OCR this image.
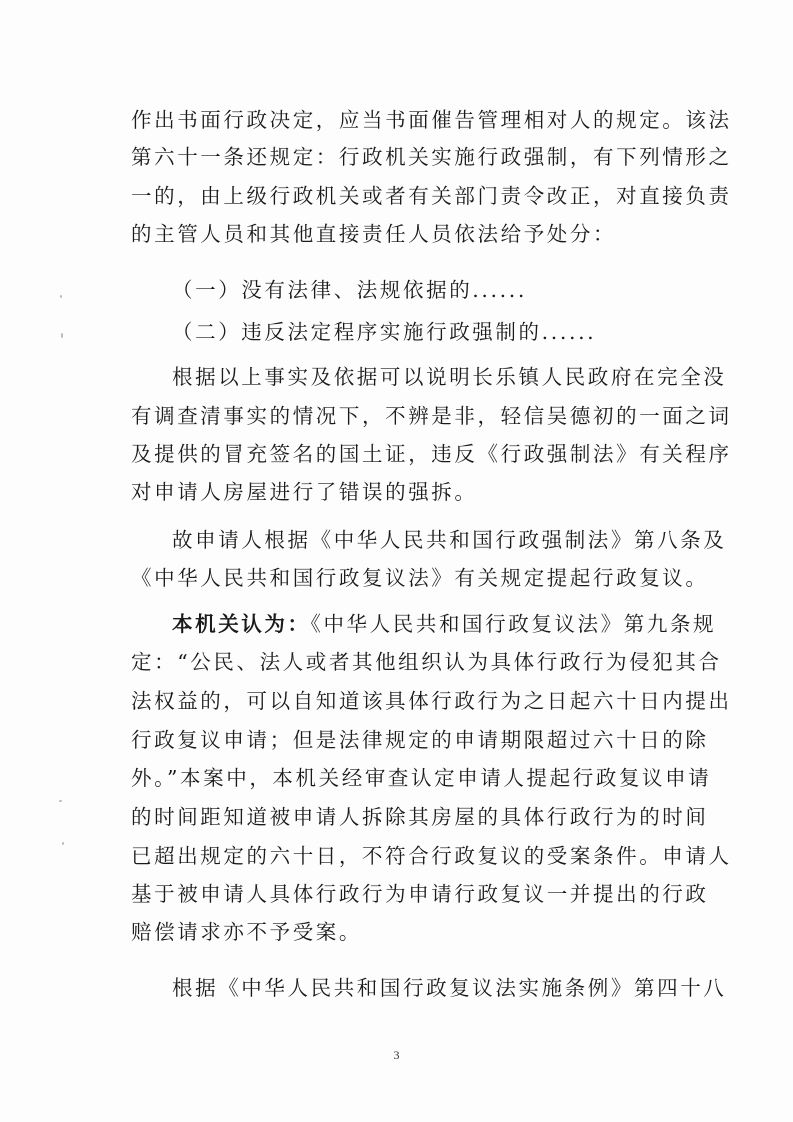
作出书面行政决定，应当书面催告管理相对人的规定。该法
第六十一条还规定：行政机关实施行政强制，有下列情形之
一的，由上级行政机关或者有关部门责令改正，对直接负责
的主管人员和其他直接责任人员依法给予处分：
（一）没有法律、法规依据的......
（二）违反法定程序实施行政强制的......
根据以上事实及依据可以说明长乐镇人民政府在完全没
有调查清事实的情况下，不辨是非，轻信吴德初的一面之词
及提供的冒充签名的国土证，违反《行政强制法》有关程序
对申请人房屋进行了错误的强拆。
故申请人根据《中华人民共和国行政强制法》第八条及
《中华人民共和国行政复议法》有关规定提起行政复议。
本机关认为：《中华人民共和国行政复议法》第九条规
定：“公民、法人或者其他组织认为具体行政行为侵犯其合
法权益的，可以自知道该具体行政行为之日起六十日内提出
行政复议申请；但是法律规定的申请期限超过六十日的除
外。”本案中，本机关经审查认定申请人提起行政复议申请
的时间距知道被申请人拆除其房屋的具体行政行为的时间
已超出规定的六十日，不符合行政复议的受案条件。申请人
基于被申请人具体行政行为申请行政复议一并提出的行政
赔偿请求亦不予受案。
根据《中华人民共和国行政复议法实施条例》第四十八
3
